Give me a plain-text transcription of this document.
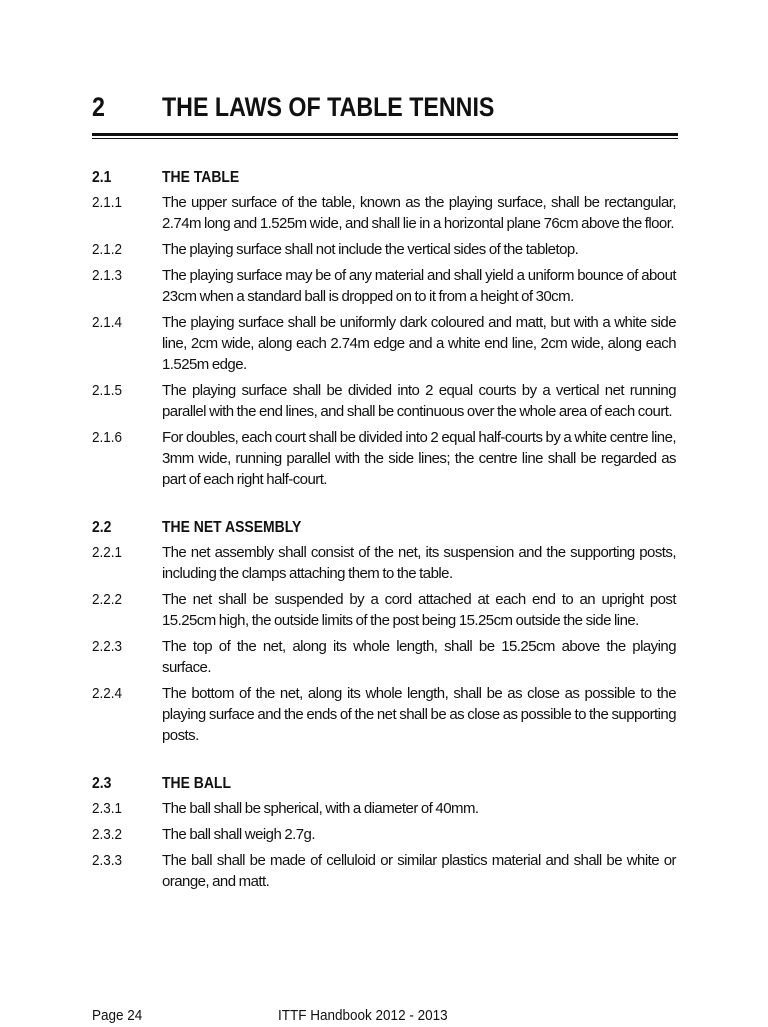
2 THE LAWS OF TABLE TENNIS
2.1	THE TABLE
2.1.1	The upper surface of the table, known as the playing surface, shall be rectangular, 2.74m long and 1.525m wide, and shall lie in a horizontal plane 76cm above the floor.
2.1.2	The playing surface shall not include the vertical sides of the tabletop.
2.1.3	The playing surface may be of any material and shall yield a uniform bounce of about 23cm when a standard ball is dropped on to it from a height of 30cm.
2.1.4	The playing surface shall be uniformly dark coloured and matt, but with a white side line, 2cm wide, along each 2.74m edge and a white end line, 2cm wide, along each 1.525m edge.
2.1.5	The playing surface shall be divided into 2 equal courts by a vertical net running parallel with the end lines, and shall be continuous over the whole area of each court.
2.1.6	For doubles, each court shall be divided into 2 equal half-courts by a white centre line, 3mm wide, running parallel with the side lines; the centre line shall be regarded as part of each right half-court.
2.2	THE NET ASSEMBLY
2.2.1	The net assembly shall consist of the net, its suspension and the supporting posts, including the clamps attaching them to the table.
2.2.2	The net shall be suspended by a cord attached at each end to an upright post 15.25cm high, the outside limits of the post being 15.25cm outside the side line.
2.2.3	The top of the net, along its whole length, shall be 15.25cm above the playing surface.
2.2.4	The bottom of the net, along its whole length, shall be as close as possible to the playing surface and the ends of the net shall be as close as possible to the supporting posts.
2.3	THE BALL
2.3.1	The ball shall be spherical, with a diameter of 40mm.
2.3.2	The ball shall weigh 2.7g.
2.3.3	The ball shall be made of celluloid or similar plastics material and shall be white or orange, and matt.
Page 24	ITTF Handbook 2012 - 2013
